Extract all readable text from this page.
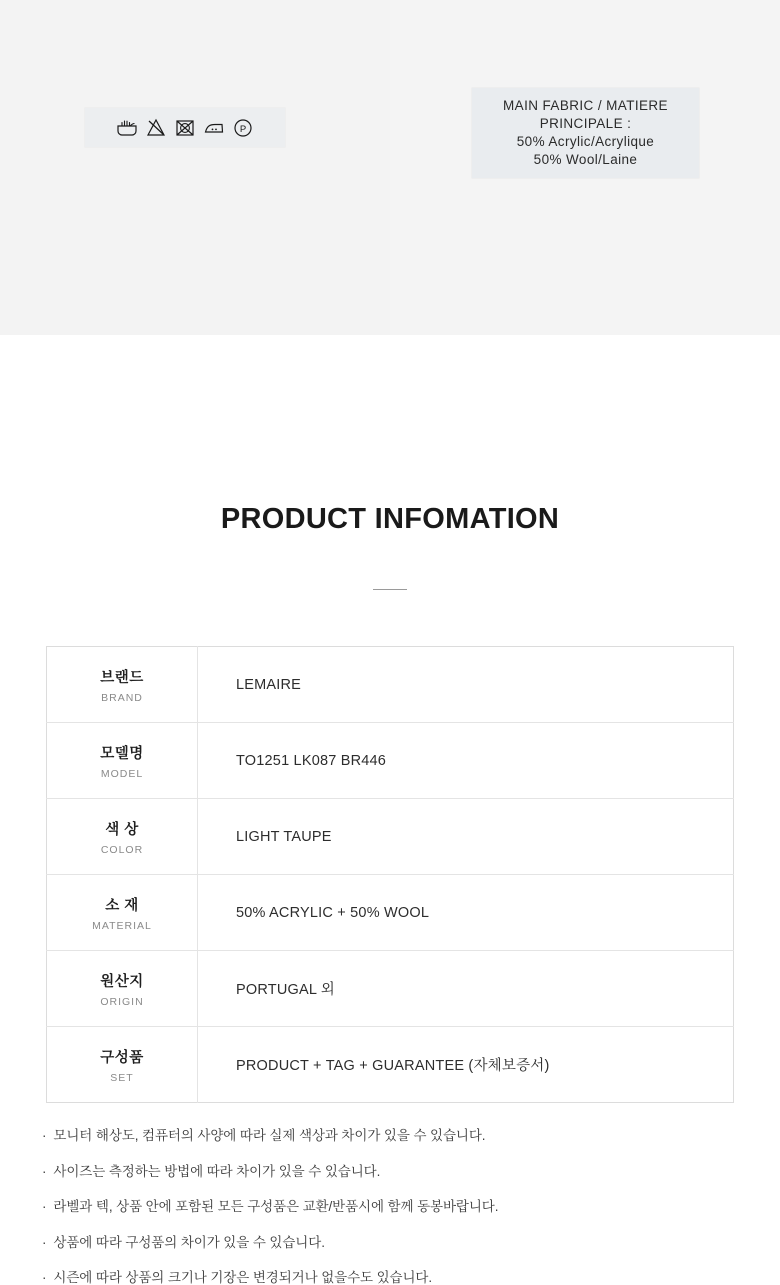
P
MAIN FABRIC / MATIERE
PRINCIPALE :
50% Acrylic/Acrylique
50% Wool/Laine
PRODUCT INFOMATION
브랜드
BRAND	LEMAIRE

모델명
MODEL	TO1251 LK087 BR446

색 상
COLOR	LIGHT TAUPE

소 재
MATERIAL	50% ACRYLIC + 50% WOOL

원산지
ORIGIN	PORTUGAL 외

구성품
SET	PRODUCT + TAG + GUARANTEE (자체보증서)
· 모니터 해상도, 컴퓨터의 사양에 따라 실제 색상과 차이가 있을 수 있습니다.
· 사이즈는 측정하는 방법에 따라 차이가 있을 수 있습니다.
· 라벨과 텍, 상품 안에 포함된 모든 구성품은 교환/반품시에 함께 동봉바랍니다.
· 상품에 따라 구성품의 차이가 있을 수 있습니다.
· 시즌에 따라 상품의 크기나 기장은 변경되거나 없을수도 있습니다.
